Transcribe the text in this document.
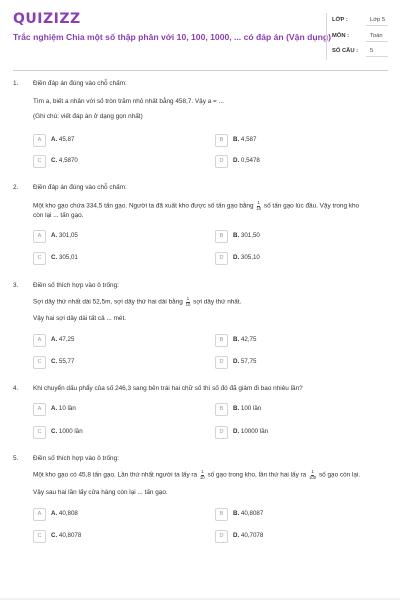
QUIZIZZ
Trắc nghiệm Chia một số thập phân với 10, 100, 1000, ... có đáp án (Vận dụng)
LỚP :	Lớp 5
MÔN :	Toán
SỐ CÂU : 5
1. Điền đáp án đúng vào chỗ chấm:
Tìm a, biết a nhân với số tròn trăm nhỏ nhất bằng 458,7. Vậy a = ...
(Ghi chú: viết đáp án ở dạng gọn nhất)
A	A. 45,87	B	B. 4,587
C	C. 4,5870	D	D. 0,5478
2. Điền đáp án đúng vào chỗ chấm:
Một kho gạo chứa 334,5 tấn gạo. Người ta đã xuất kho được số tấn gạo bằng $\frac{1}{10}$ số tấn gạo lúc đầu. Vậy trong kho
còn lại ... tấn gạo.
A	A. 301,05	B	B. 301,50
C	C. 305,01	D	D. 305,10
3. Điền số thích hợp vào ô trống:
Sợi dây thứ nhất dài 52,5m, sợi dây thứ hai dài bằng $\frac{1}{10}$ sợi dây thứ nhất.
Vậy hai sợi dây dài tất cả ... mét.
A	A. 47,25	B	B. 42,75
C	C. 55,77	D	D. 57,75
4. Khi chuyển dấu phẩy của số 246,3 sang bên trái hai chữ số thì số đó đã giảm đi bao nhiêu lần?
A	A. 10 lần	B	B. 100 lần
C	C. 1000 lần	D	D. 10000 lần
5. Điền số thích hợp vào ô trống:
Một kho gạo có 45,8 tấn gạo. Lần thứ nhất người ta lấy ra $\frac{1}{10}$ số gạo trong kho, lần thứ hai lấy ra $\frac{1}{100}$ số gạo còn lại.
Vậy sau hai lần lấy cửa hàng còn lại ... tấn gạo.
A	A. 40,808	B	B. 40,8087
C	C. 40,8078	D	D. 40,7078
